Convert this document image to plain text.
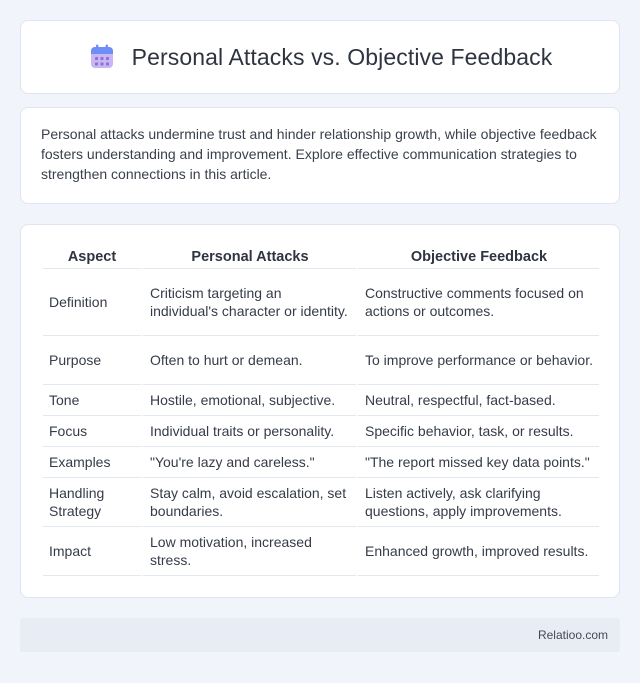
Personal Attacks vs. Objective Feedback

Personal attacks undermine trust and hinder relationship growth, while objective feedback fosters understanding and improvement. Explore effective communication strategies to strengthen connections in this article.

Aspect	Personal Attacks	Objective Feedback
Definition	Criticism targeting an individual's character or identity.	Constructive comments focused on actions or outcomes.
Purpose	Often to hurt or demean.	To improve performance or behavior.
Tone	Hostile, emotional, subjective.	Neutral, respectful, fact-based.
Focus	Individual traits or personality.	Specific behavior, task, or results.
Examples	"You're lazy and careless."	"The report missed key data points."
Handling Strategy	Stay calm, avoid escalation, set boundaries.	Listen actively, ask clarifying questions, apply improvements.
Impact	Low motivation, increased stress.	Enhanced growth, improved results.
Relatioo.com
